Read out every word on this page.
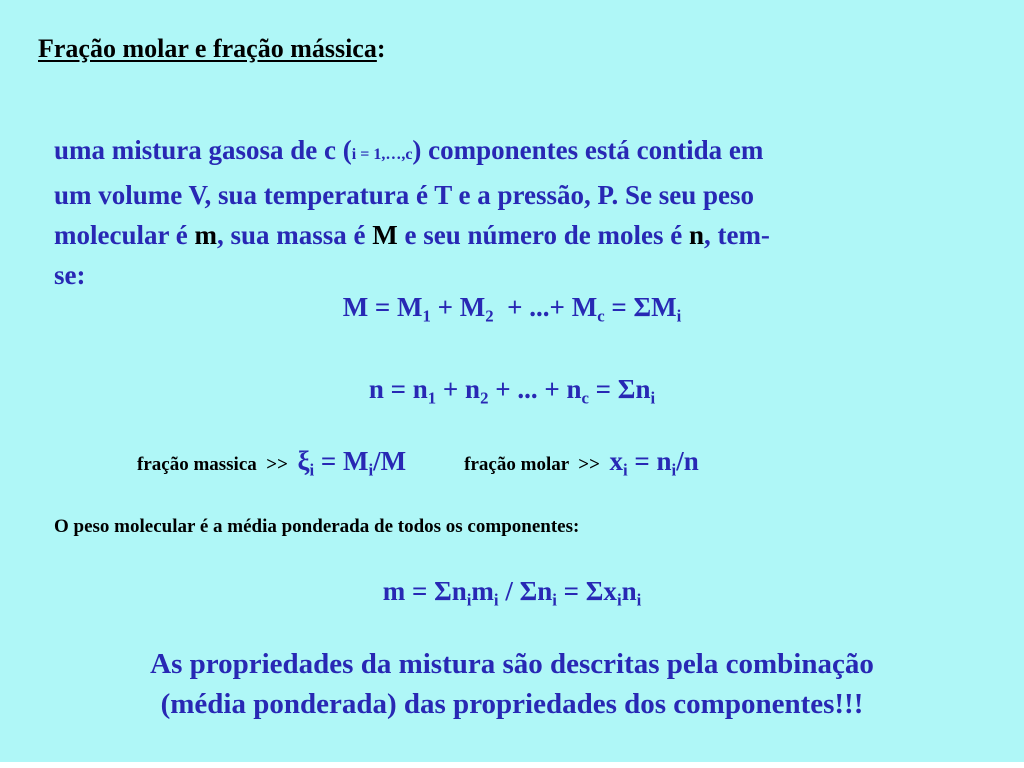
Fração molar e fração mássica:
uma mistura gasosa de c (i = 1,…,c) componentes está contida em
um volume V, sua temperatura é T e a pressão, P. Se seu peso
molecular é m, sua massa é M e seu número de moles é n, tem-
se:
$M = M_1 + M_2$  + ...+ $M_c = \Sigma M_i$
$n = n_1 + n_2$ + ... + $n_c = \Sigma n_i$
fração massica  >>  $\xi_i = M_i/M$	fração molar  >>  $x_i = n_i/n$
O peso molecular é a média ponderada de todos os componentes:
$m = \Sigma n_im_i / \Sigma n_i = \Sigma x_in_i$
As propriedades da mistura são descritas pela combinação
(média ponderada) das propriedades dos componentes!!!
